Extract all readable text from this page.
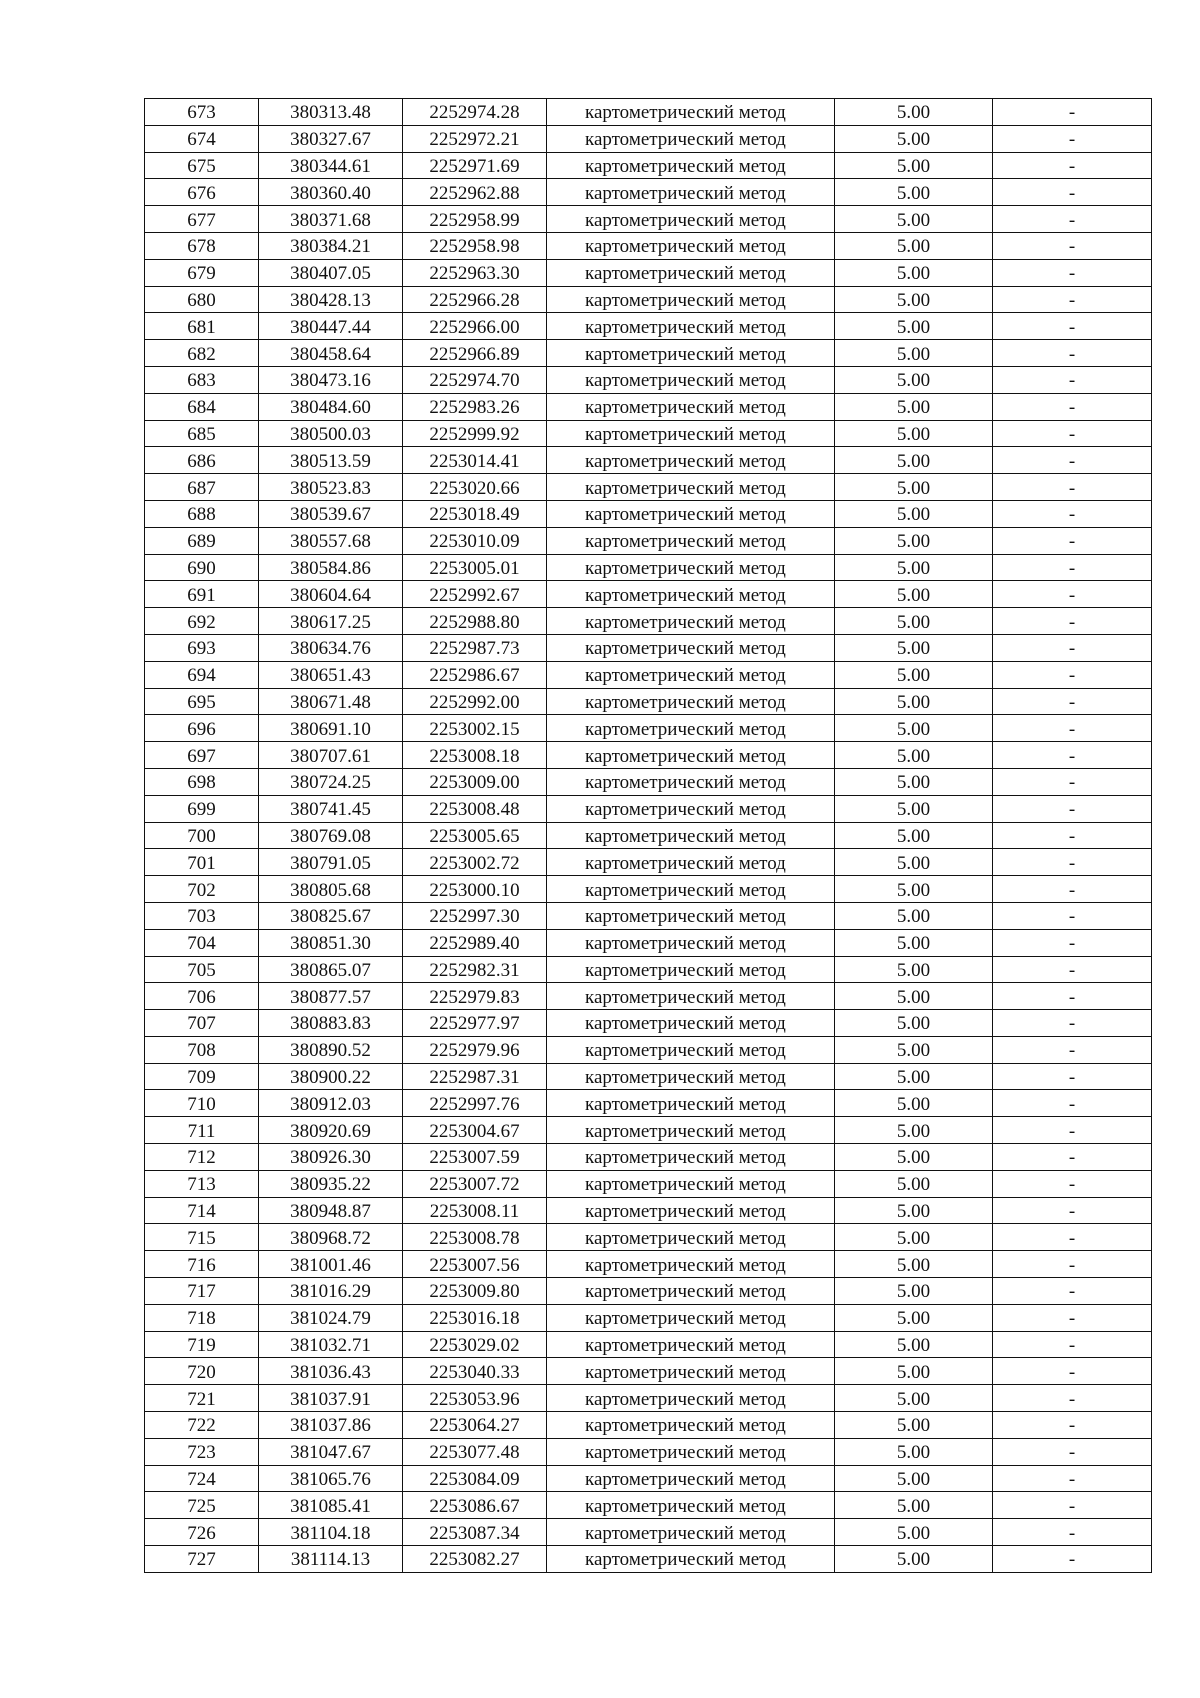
673	380313.48	2252974.28	картометрический метод	5.00	-
674	380327.67	2252972.21	картометрический метод	5.00	-
675	380344.61	2252971.69	картометрический метод	5.00	-
676	380360.40	2252962.88	картометрический метод	5.00	-
677	380371.68	2252958.99	картометрический метод	5.00	-
678	380384.21	2252958.98	картометрический метод	5.00	-
679	380407.05	2252963.30	картометрический метод	5.00	-
680	380428.13	2252966.28	картометрический метод	5.00	-
681	380447.44	2252966.00	картометрический метод	5.00	-
682	380458.64	2252966.89	картометрический метод	5.00	-
683	380473.16	2252974.70	картометрический метод	5.00	-
684	380484.60	2252983.26	картометрический метод	5.00	-
685	380500.03	2252999.92	картометрический метод	5.00	-
686	380513.59	2253014.41	картометрический метод	5.00	-
687	380523.83	2253020.66	картометрический метод	5.00	-
688	380539.67	2253018.49	картометрический метод	5.00	-
689	380557.68	2253010.09	картометрический метод	5.00	-
690	380584.86	2253005.01	картометрический метод	5.00	-
691	380604.64	2252992.67	картометрический метод	5.00	-
692	380617.25	2252988.80	картометрический метод	5.00	-
693	380634.76	2252987.73	картометрический метод	5.00	-
694	380651.43	2252986.67	картометрический метод	5.00	-
695	380671.48	2252992.00	картометрический метод	5.00	-
696	380691.10	2253002.15	картометрический метод	5.00	-
697	380707.61	2253008.18	картометрический метод	5.00	-
698	380724.25	2253009.00	картометрический метод	5.00	-
699	380741.45	2253008.48	картометрический метод	5.00	-
700	380769.08	2253005.65	картометрический метод	5.00	-
701	380791.05	2253002.72	картометрический метод	5.00	-
702	380805.68	2253000.10	картометрический метод	5.00	-
703	380825.67	2252997.30	картометрический метод	5.00	-
704	380851.30	2252989.40	картометрический метод	5.00	-
705	380865.07	2252982.31	картометрический метод	5.00	-
706	380877.57	2252979.83	картометрический метод	5.00	-
707	380883.83	2252977.97	картометрический метод	5.00	-
708	380890.52	2252979.96	картометрический метод	5.00	-
709	380900.22	2252987.31	картометрический метод	5.00	-
710	380912.03	2252997.76	картометрический метод	5.00	-
711	380920.69	2253004.67	картометрический метод	5.00	-
712	380926.30	2253007.59	картометрический метод	5.00	-
713	380935.22	2253007.72	картометрический метод	5.00	-
714	380948.87	2253008.11	картометрический метод	5.00	-
715	380968.72	2253008.78	картометрический метод	5.00	-
716	381001.46	2253007.56	картометрический метод	5.00	-
717	381016.29	2253009.80	картометрический метод	5.00	-
718	381024.79	2253016.18	картометрический метод	5.00	-
719	381032.71	2253029.02	картометрический метод	5.00	-
720	381036.43	2253040.33	картометрический метод	5.00	-
721	381037.91	2253053.96	картометрический метод	5.00	-
722	381037.86	2253064.27	картометрический метод	5.00	-
723	381047.67	2253077.48	картометрический метод	5.00	-
724	381065.76	2253084.09	картометрический метод	5.00	-
725	381085.41	2253086.67	картометрический метод	5.00	-
726	381104.18	2253087.34	картометрический метод	5.00	-
727	381114.13	2253082.27	картометрический метод	5.00	-
